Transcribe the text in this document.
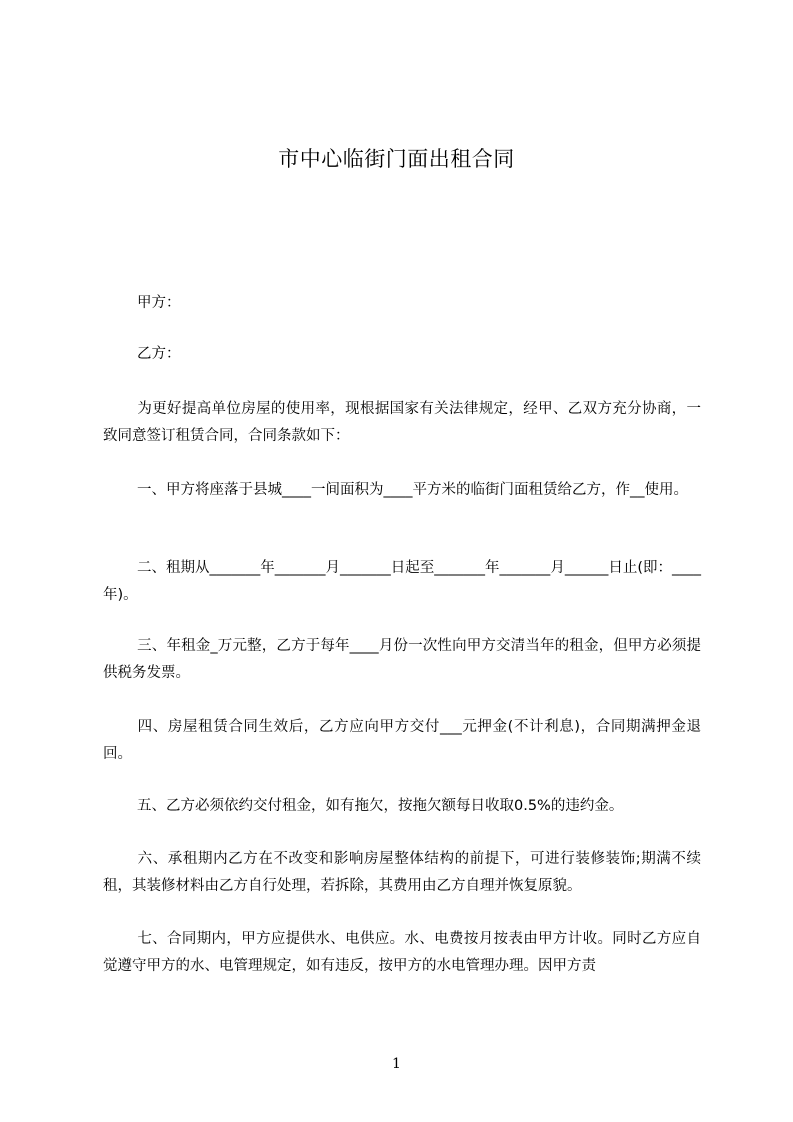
市中心临街门面出租合同

甲方：

乙方：

为更好提高单位房屋的使用率，现根据国家有关法律规定，经甲、乙双方充分协商，一致同意签订租赁合同，合同条款如下：

一、甲方将座落于县城____一间面积为____平方米的临街门面租赁给乙方，作__使用。

二、租期从_______年_______月_______日起至_______年_______月______日止(即：____年)。

三、年租金_万元整，乙方于每年____月份一次性向甲方交清当年的租金，但甲方必须提供税务发票。

四、房屋租赁合同生效后，乙方应向甲方交付___元押金(不计利息)，合同期满押金退回。

五、乙方必须依约交付租金，如有拖欠，按拖欠额每日收取0.5%的违约金。

六、承租期内乙方在不改变和影响房屋整体结构的前提下，可进行装修装饰;期满不续租，其装修材料由乙方自行处理，若拆除，其费用由乙方自理并恢复原貌。

七、合同期内，甲方应提供水、电供应。水、电费按月按表由甲方计收。同时乙方应自觉遵守甲方的水、电管理规定，如有违反，按甲方的水电管理办理。因甲方责

1
